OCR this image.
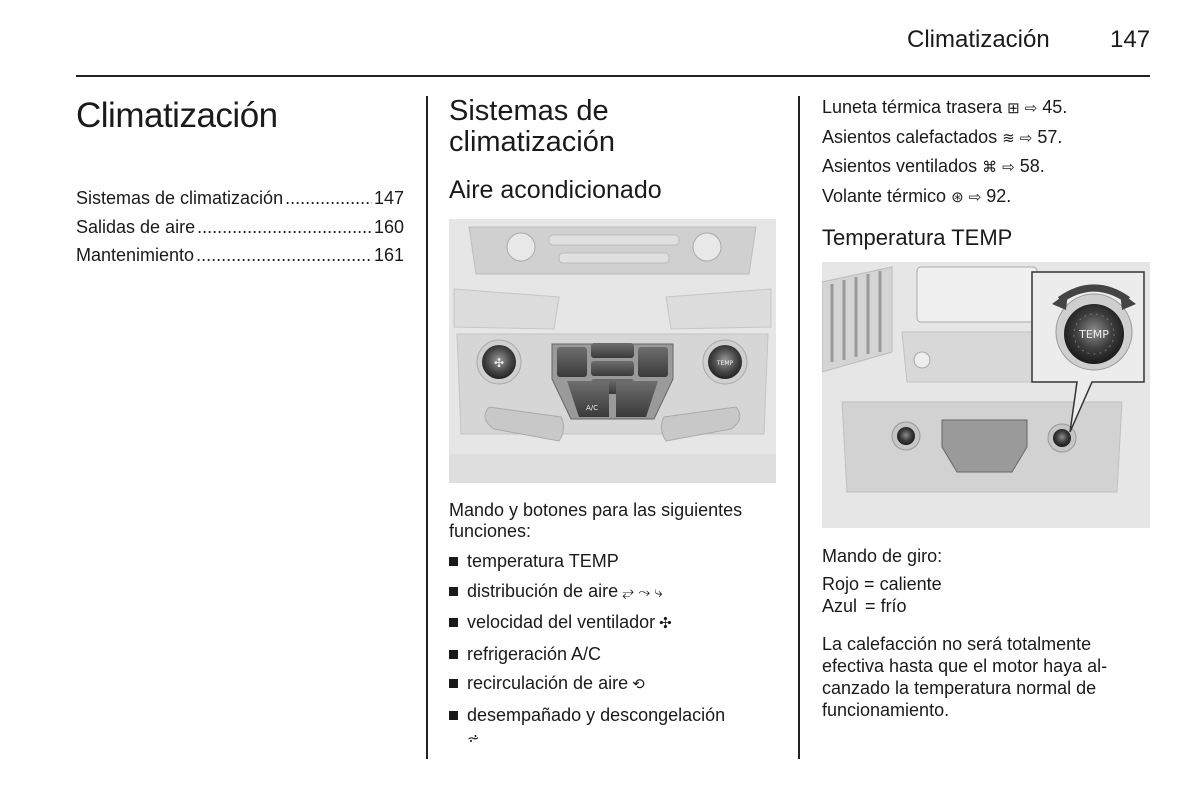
Climatización	147
Climatización
Sistemas de climatización .....	147
Salidas de aire .....	160
Mantenimiento .....	161
Sistemas de climatización
Aire acondicionado
✣	TEMP
A/C
Mando y botones para las siguientes funciones:
temperatura TEMP
distribución de aire ⥂ ⤳ ⤷
velocidad del ventilador ✣
refrigeración A/C
recirculación de aire ⟲
desempañado y descongelación
⩫
Luneta térmica trasera ⊞ ⇨ 45.
Asientos calefactados ≋ ⇨ 57.
Asientos ventilados ⌘ ⇨ 58.
Volante térmico ⊛ ⇨ 92.
Temperatura TEMP
TEMP
Mando de giro:
Rojo = caliente
Azul = frío
La calefacción no será totalmente efectiva hasta que el motor haya al- canzado la temperatura normal de funcionamiento.
